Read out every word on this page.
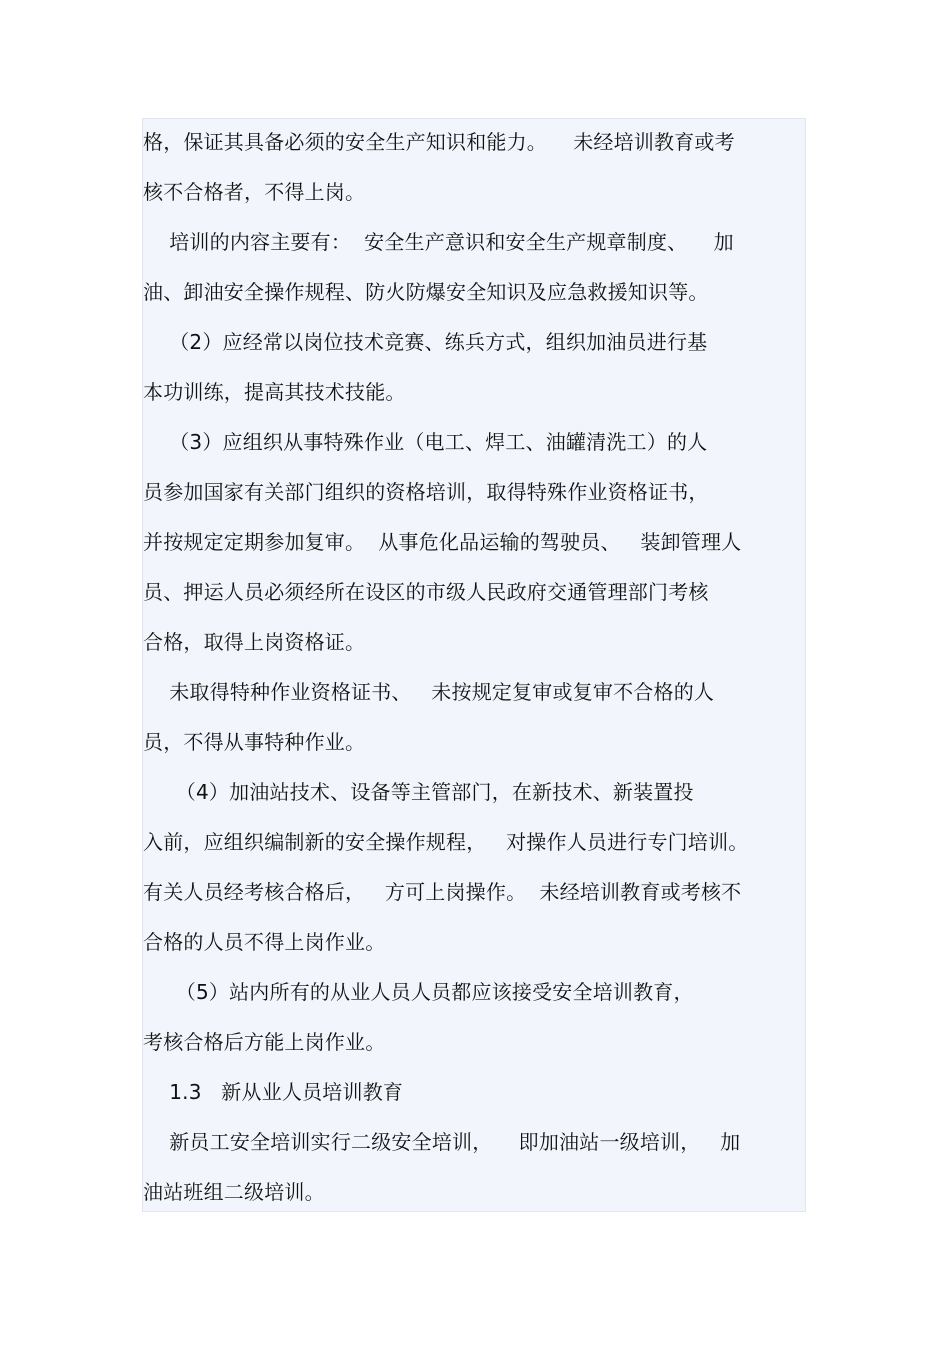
格，保证其具备必须的安全生产知识和能力。    未经培训教育或考
核不合格者，不得上岗。
培训的内容主要有：  安全生产意识和安全生产规章制度、    加
油、卸油安全操作规程、防火防爆安全知识及应急救援知识等。
（2）应经常以岗位技术竞赛、练兵方式，组织加油员进行基
本功训练，提高其技术技能。
（3）应组织从事特殊作业（电工、焊工、油罐清洗工）的人
员参加国家有关部门组织的资格培训，取得特殊作业资格证书，
并按规定定期参加复审。  从事危化品运输的驾驶员、   装卸管理人
员、押运人员必须经所在设区的市级人民政府交通管理部门考核
合格，取得上岗资格证。
未取得特种作业资格证书、   未按规定复审或复审不合格的人
员，不得从事特种作业。
（4）加油站技术、设备等主管部门，在新技术、新装置投
入前，应组织编制新的安全操作规程，   对操作人员进行专门培训。
有关人员经考核合格后，   方可上岗操作。  未经培训教育或考核不
合格的人员不得上岗作业。
（5）站内所有的从业人员人员都应该接受安全培训教育，
考核合格后方能上岗作业。
1.3   新从业人员培训教育
新员工安全培训实行二级安全培训，    即加油站一级培训，   加
油站班组二级培训。
